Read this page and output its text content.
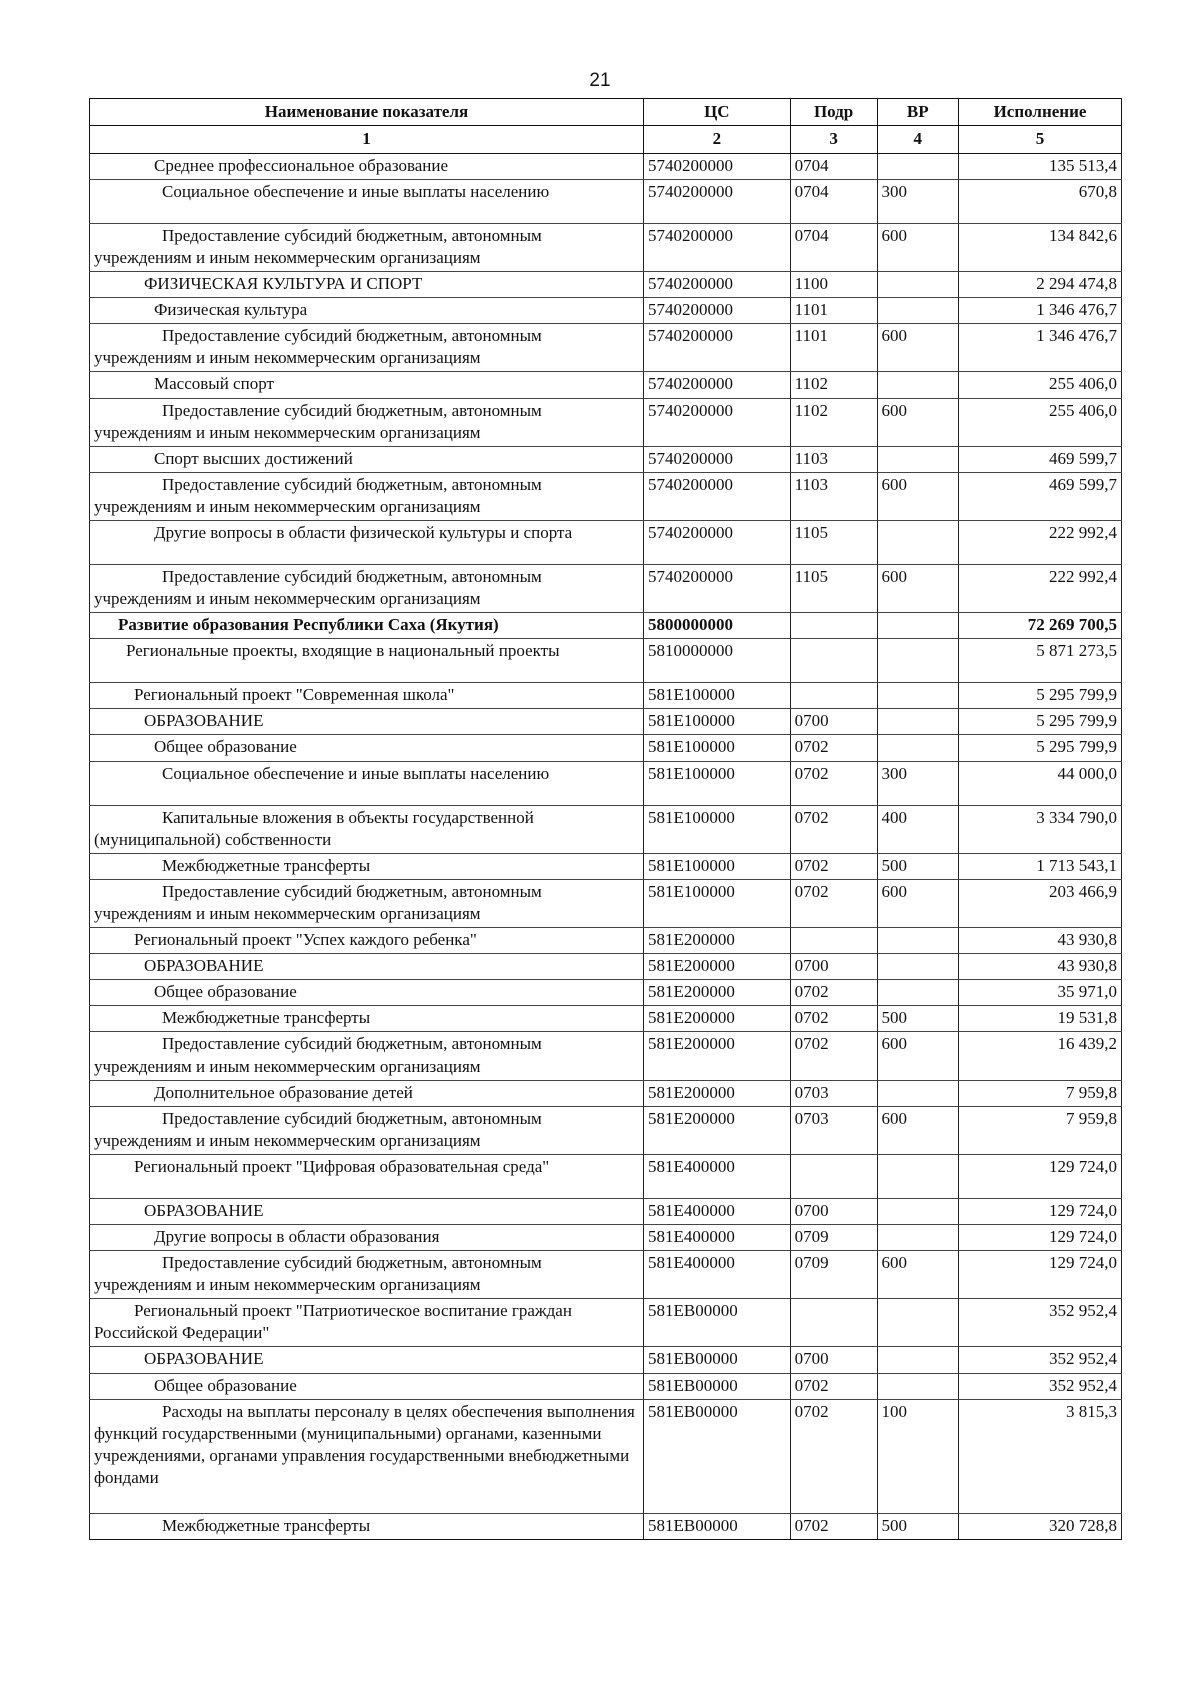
21
Наименование показателя	ЦС	Подр	ВР	Исполнение
1	2	3	4	5
Среднее профессиональное образование	5740200000	0704		135 513,4
Социальное обеспечение и иные выплаты населению	5740200000	0704	300	670,8
Предоставление субсидий бюджетным, автономным учреждениям и иным некоммерческим организациям	5740200000	0704	600	134 842,6
ФИЗИЧЕСКАЯ КУЛЬТУРА И СПОРТ	5740200000	1100		2 294 474,8
Физическая культура	5740200000	1101		1 346 476,7
Предоставление субсидий бюджетным, автономным учреждениям и иным некоммерческим организациям	5740200000	1101	600	1 346 476,7
Массовый спорт	5740200000	1102		255 406,0
Предоставление субсидий бюджетным, автономным учреждениям и иным некоммерческим организациям	5740200000	1102	600	255 406,0
Спорт высших достижений	5740200000	1103		469 599,7
Предоставление субсидий бюджетным, автономным учреждениям и иным некоммерческим организациям	5740200000	1103	600	469 599,7
Другие вопросы в области физической культуры и спорта	5740200000	1105		222 992,4
Предоставление субсидий бюджетным, автономным учреждениям и иным некоммерческим организациям	5740200000	1105	600	222 992,4
Развитие образования Республики Саха (Якутия)	5800000000			72 269 700,5
Региональные проекты, входящие в национальный проекты	5810000000			5 871 273,5
Региональный проект "Современная школа"	581E100000			5 295 799,9
ОБРАЗОВАНИЕ	581E100000	0700		5 295 799,9
Общее образование	581E100000	0702		5 295 799,9
Социальное обеспечение и иные выплаты населению	581E100000	0702	300	44 000,0
Капитальные вложения в объекты государственной (муниципальной) собственности	581E100000	0702	400	3 334 790,0
Межбюджетные трансферты	581E100000	0702	500	1 713 543,1
Предоставление субсидий бюджетным, автономным учреждениям и иным некоммерческим организациям	581E100000	0702	600	203 466,9
Региональный проект "Успех каждого ребенка"	581E200000			43 930,8
ОБРАЗОВАНИЕ	581E200000	0700		43 930,8
Общее образование	581E200000	0702		35 971,0
Межбюджетные трансферты	581E200000	0702	500	19 531,8
Предоставление субсидий бюджетным, автономным учреждениям и иным некоммерческим организациям	581E200000	0702	600	16 439,2
Дополнительное образование детей	581E200000	0703		7 959,8
Предоставление субсидий бюджетным, автономным учреждениям и иным некоммерческим организациям	581E200000	0703	600	7 959,8
Региональный проект "Цифровая образовательная среда"	581E400000			129 724,0
ОБРАЗОВАНИЕ	581E400000	0700		129 724,0
Другие вопросы в области образования	581E400000	0709		129 724,0
Предоставление субсидий бюджетным, автономным учреждениям и иным некоммерческим организациям	581E400000	0709	600	129 724,0
Региональный проект "Патриотическое воспитание граждан Российской Федерации"	581EB00000			352 952,4
ОБРАЗОВАНИЕ	581EB00000	0700		352 952,4
Общее образование	581EB00000	0702		352 952,4
Расходы на выплаты персоналу в целях обеспечения выполнения функций государственными (муниципальными) органами, казенными учреждениями, органами управления государственными внебюджетными фондами	581EB00000	0702	100	3 815,3
Межбюджетные трансферты	581EB00000	0702	500	320 728,8
